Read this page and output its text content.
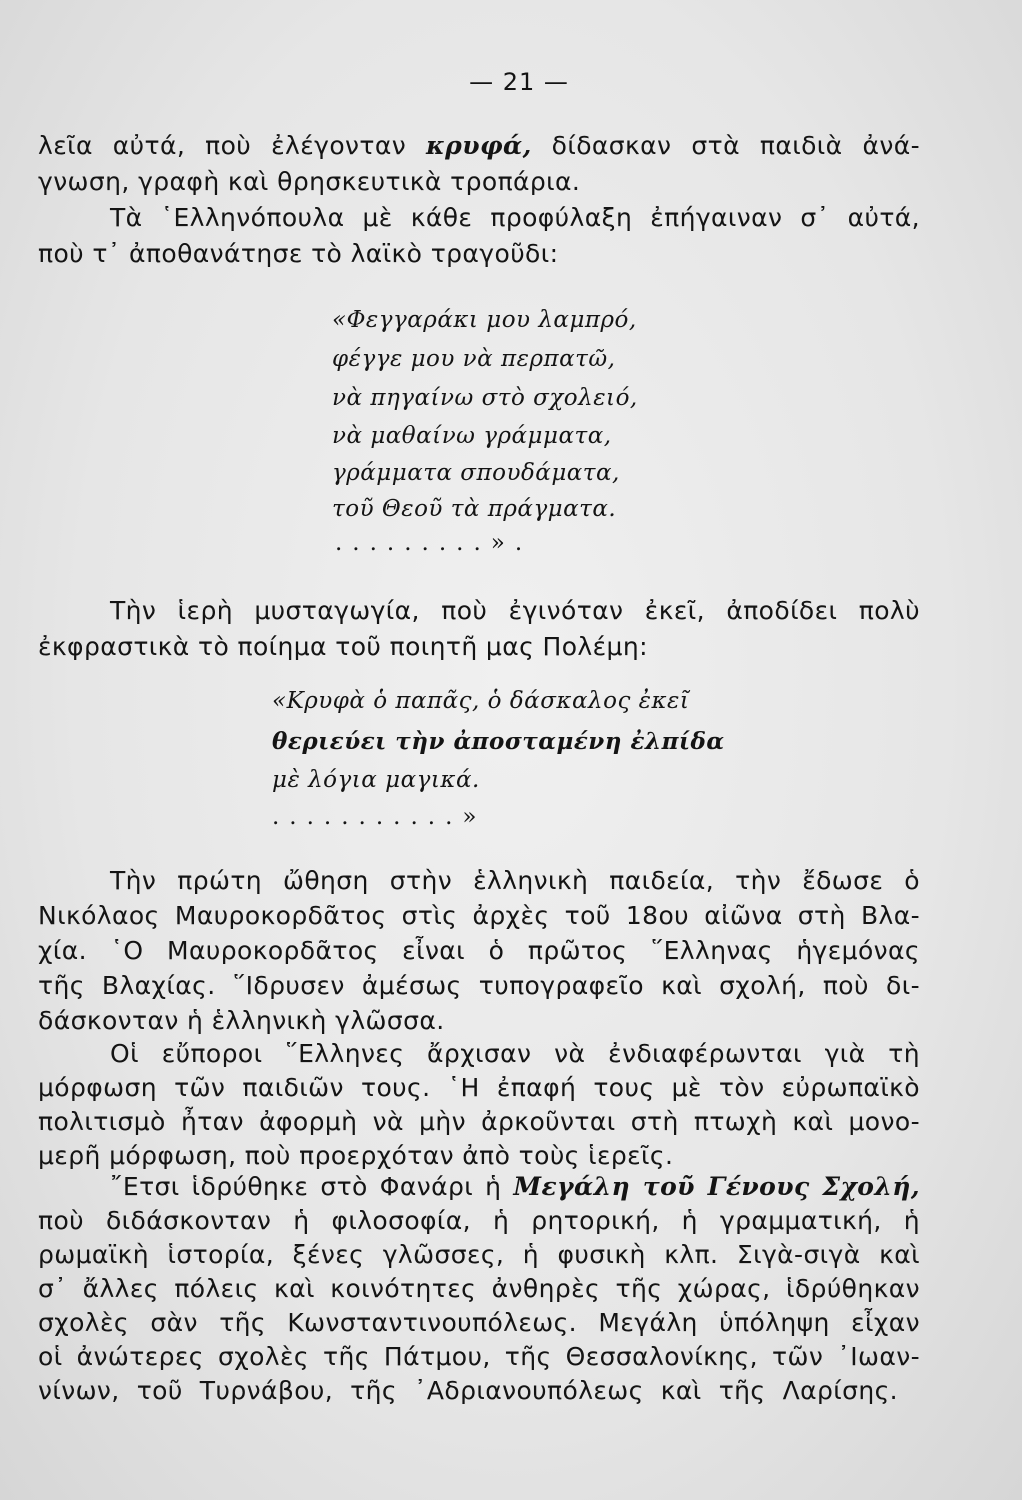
— 21 —
λεῖα αὐτά, ποὺ ἐλέγονταν κρυφά, δίδασκαν στὰ παιδιὰ ἀνά-
γνωση, γραφὴ καὶ θρησκευτικὰ τροπάρια.
Τὰ ῾Ελληνόπουλα μὲ κάθε προφύλαξη ἐπήγαιναν σ᾽ αὐτά,
ποὺ τ᾽ ἀποθανάτησε τὸ λαϊκὸ τραγοῦδι:
«Φεγγαράκι μου λαμπρό,
φέγγε μου νὰ περπατῶ,
νὰ πηγαίνω στὸ σχολειό,
νὰ μαθαίνω γράμματα,
γράμματα σπουδάματα,
τοῦ Θεοῦ τὰ πράγματα.
.........».
Τὴν ἱερὴ μυσταγωγία, ποὺ ἐγινόταν ἐκεῖ, ἀποδίδει πολὺ
ἐκφραστικὰ τὸ ποίημα τοῦ ποιητῆ μας Πολέμη:
«Κρυφὰ ὁ παπᾶς, ὁ δάσκαλος ἐκεῖ
θεριεύει τὴν ἀποσταμένη ἐλπίδα
μὲ λόγια μαγικά.
...........»
Τὴν πρώτη ὤθηση στὴν ἑλληνικὴ παιδεία, τὴν ἔδωσε ὁ
Νικόλαος Μαυροκορδᾶτος στὶς ἀρχὲς τοῦ 18ου αἰῶνα στὴ Βλα-
χία. ῾Ο Μαυροκορδᾶτος εἶναι ὁ πρῶτος ῞Ελληνας ἡγεμόνας
τῆς Βλαχίας. ῞Ιδρυσεν ἀμέσως τυπογραφεῖο καὶ σχολή, ποὺ δι-
δάσκονταν ἡ ἑλληνικὴ γλῶσσα.
Οἱ εὔποροι ῞Ελληνες ἄρχισαν νὰ ἐνδιαφέρωνται γιὰ τὴ
μόρφωση τῶν παιδιῶν τους. ῾Η ἐπαφή τους μὲ τὸν εὐρωπαϊκὸ
πολιτισμὸ ἦταν ἀφορμὴ νὰ μὴν ἀρκοῦνται στὴ πτωχὴ καὶ μονο-
μερῆ μόρφωση, ποὺ προερχόταν ἀπὸ τοὺς ἱερεῖς.
῎Ετσι ἱδρύθηκε στὸ Φανάρι ἡ Μεγάλη τοῦ Γένους Σχολή,
ποὺ διδάσκονταν ἡ φιλοσοφία, ἡ ρητορική, ἡ γραμματική, ἡ
ρωμαϊκὴ ἱστορία, ξένες γλῶσσες, ἡ φυσικὴ κλπ. Σιγὰ-σιγὰ καὶ
σ᾽ ἄλλες πόλεις καὶ κοινότητες ἀνθηρὲς τῆς χώρας, ἱδρύθηκαν
σχολὲς σὰν τῆς Κωνσταντινουπόλεως. Μεγάλη ὑπόληψη εἶχαν
οἱ ἀνώτερες σχολὲς τῆς Πάτμου, τῆς Θεσσαλονίκης, τῶν ᾽Ιωαν-
νίνων, τοῦ Τυρνάβου, τῆς ᾽Αδριανουπόλεως καὶ τῆς Λαρίσης.
